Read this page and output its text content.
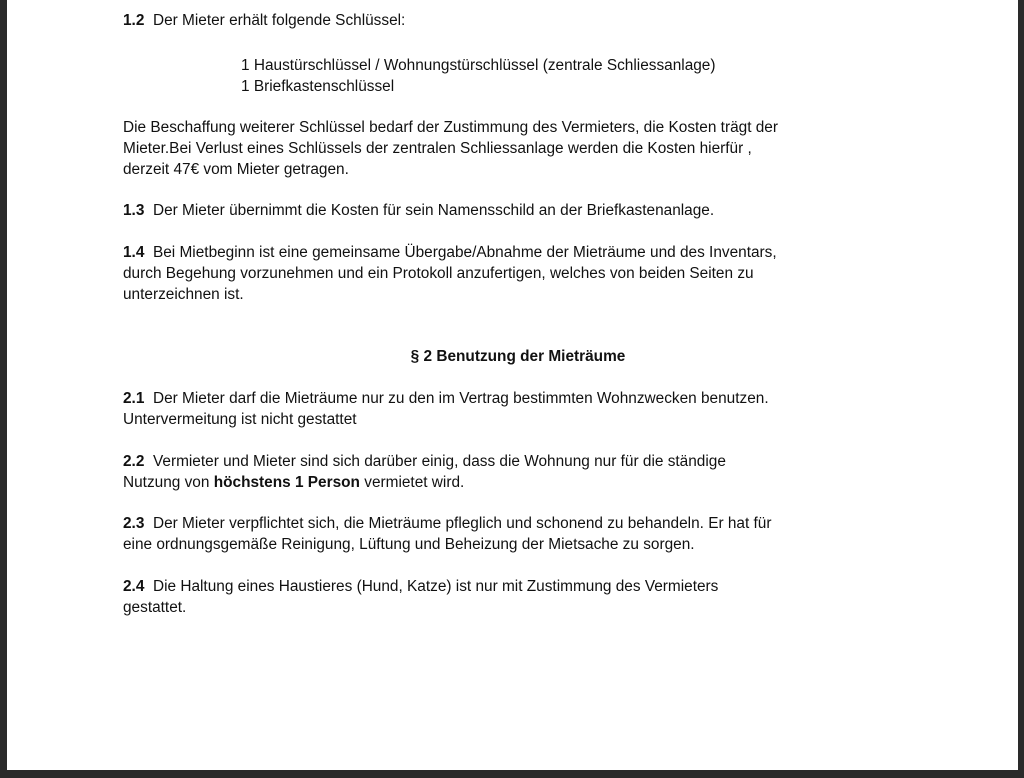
1.2 Der Mieter erhält folgende Schlüssel:
1 Haustürschlüssel / Wohnungstürschlüssel (zentrale Schliessanlage)
1 Briefkastenschlüssel
Die Beschaffung weiterer Schlüssel bedarf der Zustimmung des Vermieters, die Kosten trägt der
Mieter.Bei Verlust eines Schlüssels der zentralen Schliessanlage werden die Kosten hierfür ,
derzeit 47€ vom Mieter getragen.
1.3 Der Mieter übernimmt die Kosten für sein Namensschild an der Briefkastenanlage.
1.4 Bei Mietbeginn ist eine gemeinsame Übergabe/Abnahme der Mieträume und des Inventars,
durch Begehung vorzunehmen und ein Protokoll anzufertigen, welches von beiden Seiten zu
unterzeichnen ist.
§ 2 Benutzung der Mieträume
2.1 Der Mieter darf die Mieträume nur zu den im Vertrag bestimmten Wohnzwecken benutzen.
Untervermeitung ist nicht gestattet
2.2 Vermieter und Mieter sind sich darüber einig, dass die Wohnung nur für die ständige
Nutzung von höchstens 1 Person vermietet wird.
2.3 Der Mieter verpflichtet sich, die Mieträume pfleglich und schonend zu behandeln. Er hat für
eine ordnungsgemäße Reinigung, Lüftung und Beheizung der Mietsache zu sorgen.
2.4 Die Haltung eines Haustieres (Hund, Katze) ist nur mit Zustimmung des Vermieters
gestattet.
